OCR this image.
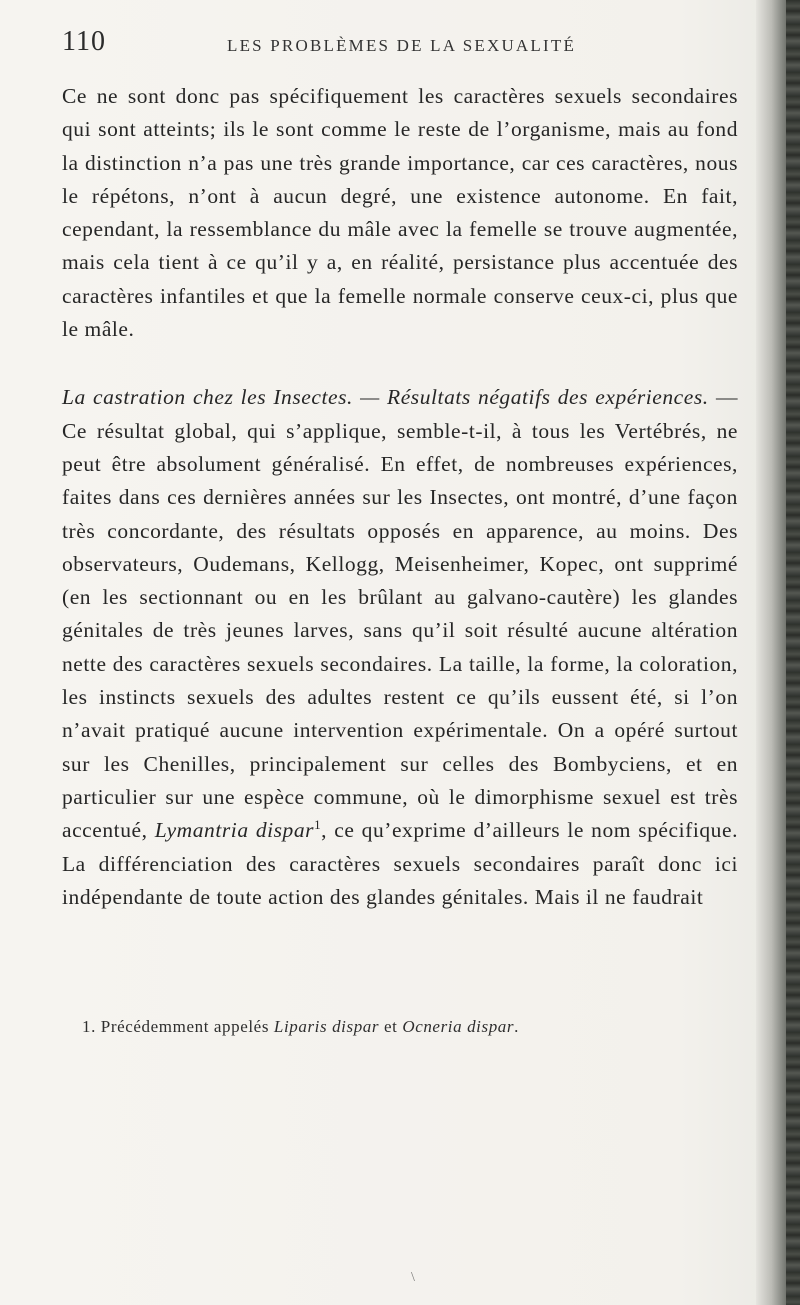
110	LES PROBLÈMES DE LA SEXUALITÉ

Ce ne sont donc pas spécifiquement les caractères sexuels secondaires qui sont atteints; ils le sont comme le reste de l’organisme, mais au fond la distinction n’a pas une très grande importance, car ces caractères, nous le répétons, n’ont à aucun degré, une existence autonome. En fait, cependant, la ressemblance du mâle avec la femelle se trouve augmentée, mais cela tient à ce qu’il y a, en réalité, persistance plus accentuée des caractères infantiles et que la femelle normale conserve ceux-ci, plus que le mâle.

La castration chez les Insectes. — Résultats négatifs des expériences. — Ce résultat global, qui s’applique, semble-t-il, à tous les Vertébrés, ne peut être absolument généralisé. En effet, de nombreuses expériences, faites dans ces dernières années sur les Insectes, ont montré, d’une façon très concordante, des résultats opposés en apparence, au moins. Des observateurs, Oudemans, Kellogg, Meisenheimer, Kopec, ont supprimé (en les sectionnant ou en les brûlant au galvano-cautère) les glandes génitales de très jeunes larves, sans qu’il soit résulté aucune altération nette des caractères sexuels secondaires. La taille, la forme, la coloration, les instincts sexuels des adultes restent ce qu’ils eussent été, si l’on n’avait pratiqué aucune intervention expérimentale. On a opéré surtout sur les Chenilles, principalement sur celles des Bombyciens, et en particulier sur une espèce commune, où le dimorphisme sexuel est très accentué, Lymantria dispar$^1$, ce qu’exprime d’ailleurs le nom spécifique. La différenciation des caractères sexuels secondaires paraît donc ici indépendante de toute action des glandes génitales. Mais il ne faudrait

1. Précédemment appelés Liparis dispar et Ocneria dispar.
\
